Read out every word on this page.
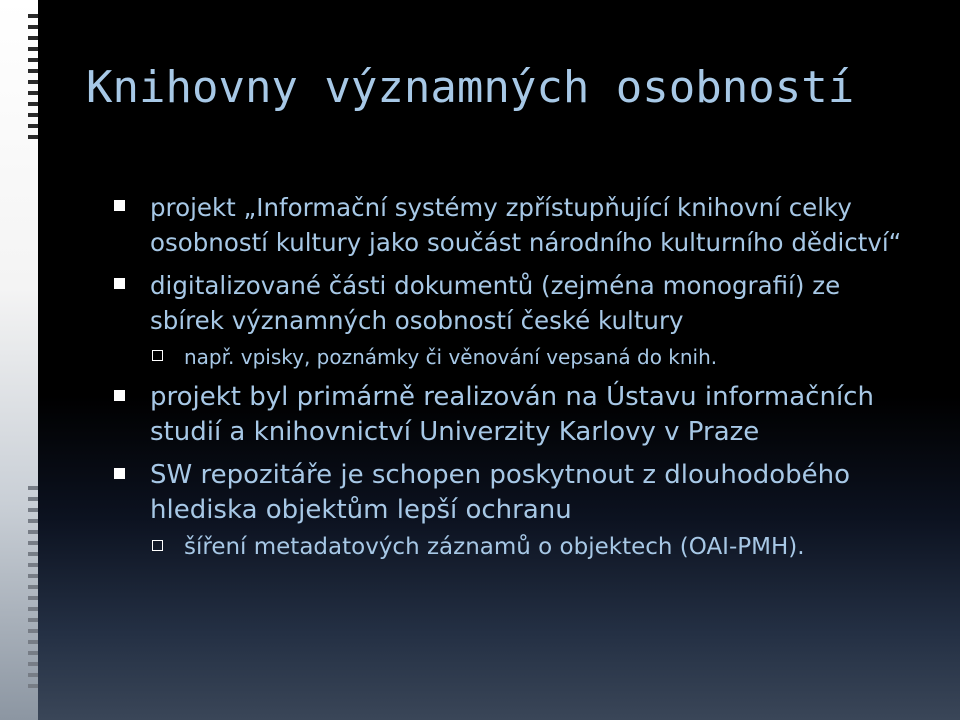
Knihovny významných osobností
projekt „Informační systémy zpřístupňující knihovní celky osobností kultury jako součást národního kulturního dědictví“
digitalizované části dokumentů (zejména monografií) ze sbírek významných osobností české kultury
např. vpisky, poznámky či věnování vepsaná do knih.
projekt byl primárně realizován na Ústavu informačních studií a knihovnictví Univerzity Karlovy v Praze
SW repozitáře je schopen poskytnout z dlouhodobého hlediska objektům lepší ochranu
šíření metadatových záznamů o objektech (OAI-PMH).
